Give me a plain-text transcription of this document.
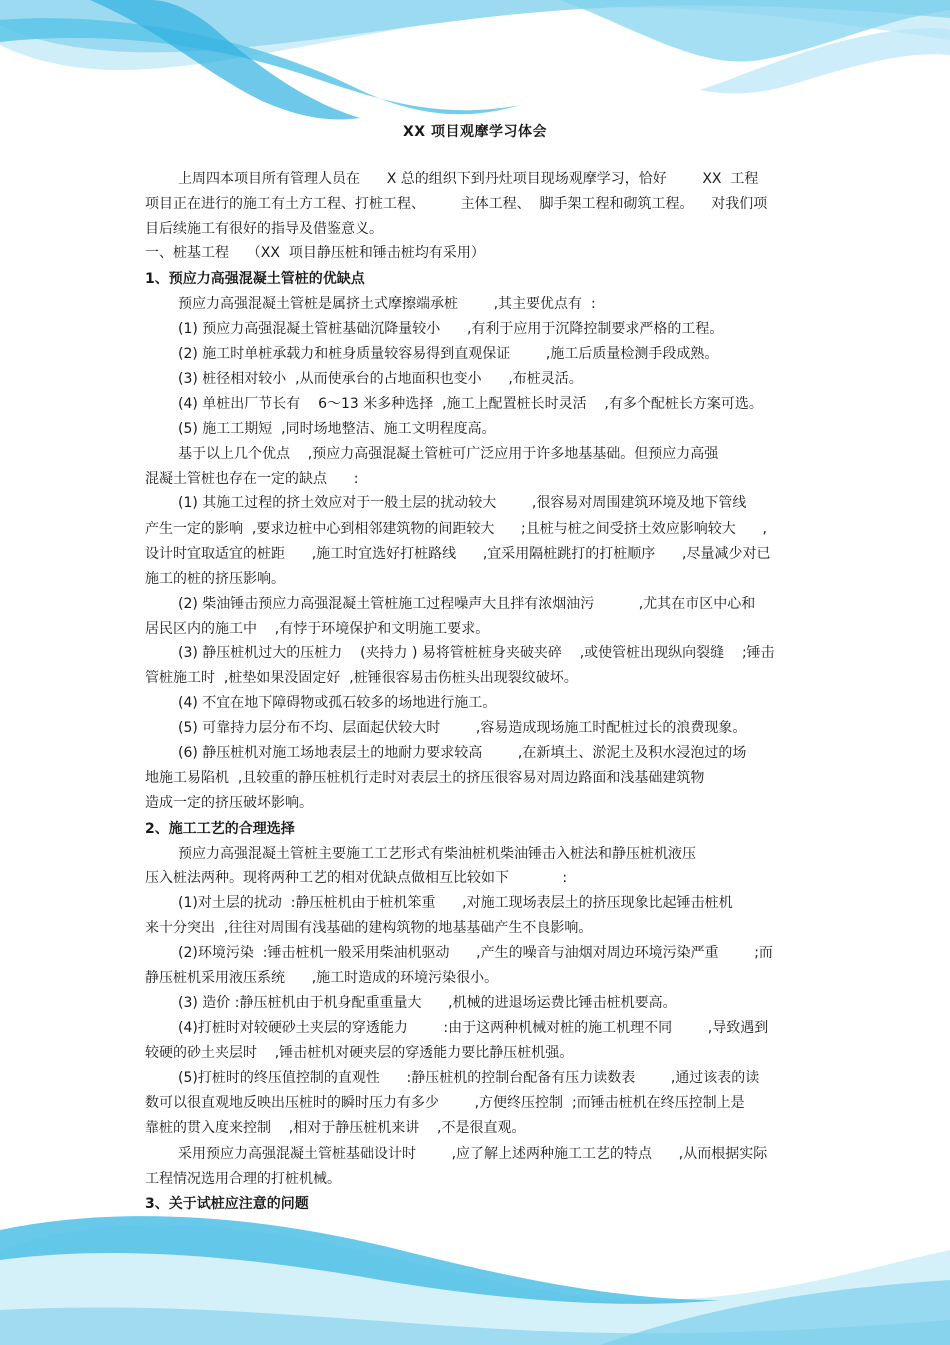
XX 项目观摩学习体会
上周四本项目所有管理人员在      X 总的组织下到丹灶项目现场观摩学习，恰好        XX  工程
项目正在进行的施工有土方工程、打桩工程、        主体工程、  脚手架工程和砌筑工程。    对我们项
目后续施工有很好的指导及借鉴意义。
一、桩基工程    （XX  项目静压桩和锤击桩均有采用）
1、预应力高强混凝土管桩的优缺点
预应力高强混凝土管桩是属挤土式摩擦端承桩        ,其主要优点有  :
(1) 预应力高强混凝土管桩基础沉降量较小      ,有利于应用于沉降控制要求严格的工程。
(2) 施工时单桩承载力和桩身质量较容易得到直观保证        ,施工后质量检测手段成熟。
(3) 桩径相对较小  ,从而使承台的占地面积也变小      ,布桩灵活。
(4) 单桩出厂节长有    6～13 米多种选择  ,施工上配置桩长时灵活    ,有多个配桩长方案可选。
(5) 施工工期短  ,同时场地整洁、施工文明程度高。
基于以上几个优点    ,预应力高强混凝土管桩可广泛应用于许多地基基础。但预应力高强
混凝土管桩也存在一定的缺点      :
(1) 其施工过程的挤土效应对于一般土层的扰动较大        ,很容易对周围建筑环境及地下管线
产生一定的影响  ,要求边桩中心到相邻建筑物的间距较大      ;且桩与桩之间受挤土效应影响较大      ,
设计时宜取适宜的桩距      ,施工时宜选好打桩路线      ,宜采用隔桩跳打的打桩顺序      ,尽量减少对已
施工的桩的挤压影响。
(2) 柴油锤击预应力高强混凝土管桩施工过程噪声大且拌有浓烟油污          ,尤其在市区中心和
居民区内的施工中    ,有悖于环境保护和文明施工要求。
(3) 静压桩机过大的压桩力    (夹持力 ) 易将管桩桩身夹破夹碎    ,或使管桩出现纵向裂缝    ;锤击
管桩施工时  ,桩垫如果没固定好  ,桩锤很容易击伤桩头出现裂纹破坏。
(4) 不宜在地下障碍物或孤石较多的场地进行施工。
(5) 可靠持力层分布不均、层面起伏较大时        ,容易造成现场施工时配桩过长的浪费现象。
(6) 静压桩机对施工场地表层土的地耐力要求较高        ,在新填土、淤泥土及积水浸泡过的场
地施工易陷机  ,且较重的静压桩机行走时对表层土的挤压很容易对周边路面和浅基础建筑物
造成一定的挤压破坏影响。
2、施工工艺的合理选择
预应力高强混凝土管桩主要施工工艺形式有柴油桩机柴油锤击入桩法和静压桩机液压
压入桩法两种。现将两种工艺的相对优缺点做相互比较如下            :
(1)对土层的扰动  :静压桩机由于桩机笨重      ,对施工现场表层土的挤压现象比起锤击桩机
来十分突出  ,往往对周围有浅基础的建构筑物的地基基础产生不良影响。
(2)环境污染  :锤击桩机一般采用柴油机驱动      ,产生的噪音与油烟对周边环境污染严重        ;而
静压桩机采用液压系统      ,施工时造成的环境污染很小。
(3) 造价 :静压桩机由于机身配重重量大      ,机械的进退场运费比锤击桩机要高。
(4)打桩时对较硬砂土夹层的穿透能力        :由于这两种机械对桩的施工机理不同        ,导致遇到
较硬的砂土夹层时    ,锤击桩机对硬夹层的穿透能力要比静压桩机强。
(5)打桩时的终压值控制的直观性      :静压桩机的控制台配备有压力读数表        ,通过该表的读
数可以很直观地反映出压桩时的瞬时压力有多少        ,方便终压控制  ;而锤击桩机在终压控制上是
靠桩的贯入度来控制    ,相对于静压桩机来讲    ,不是很直观。
采用预应力高强混凝土管桩基础设计时        ,应了解上述两种施工工艺的特点      ,从而根据实际
工程情况选用合理的打桩机械。
3、关于试桩应注意的问题
